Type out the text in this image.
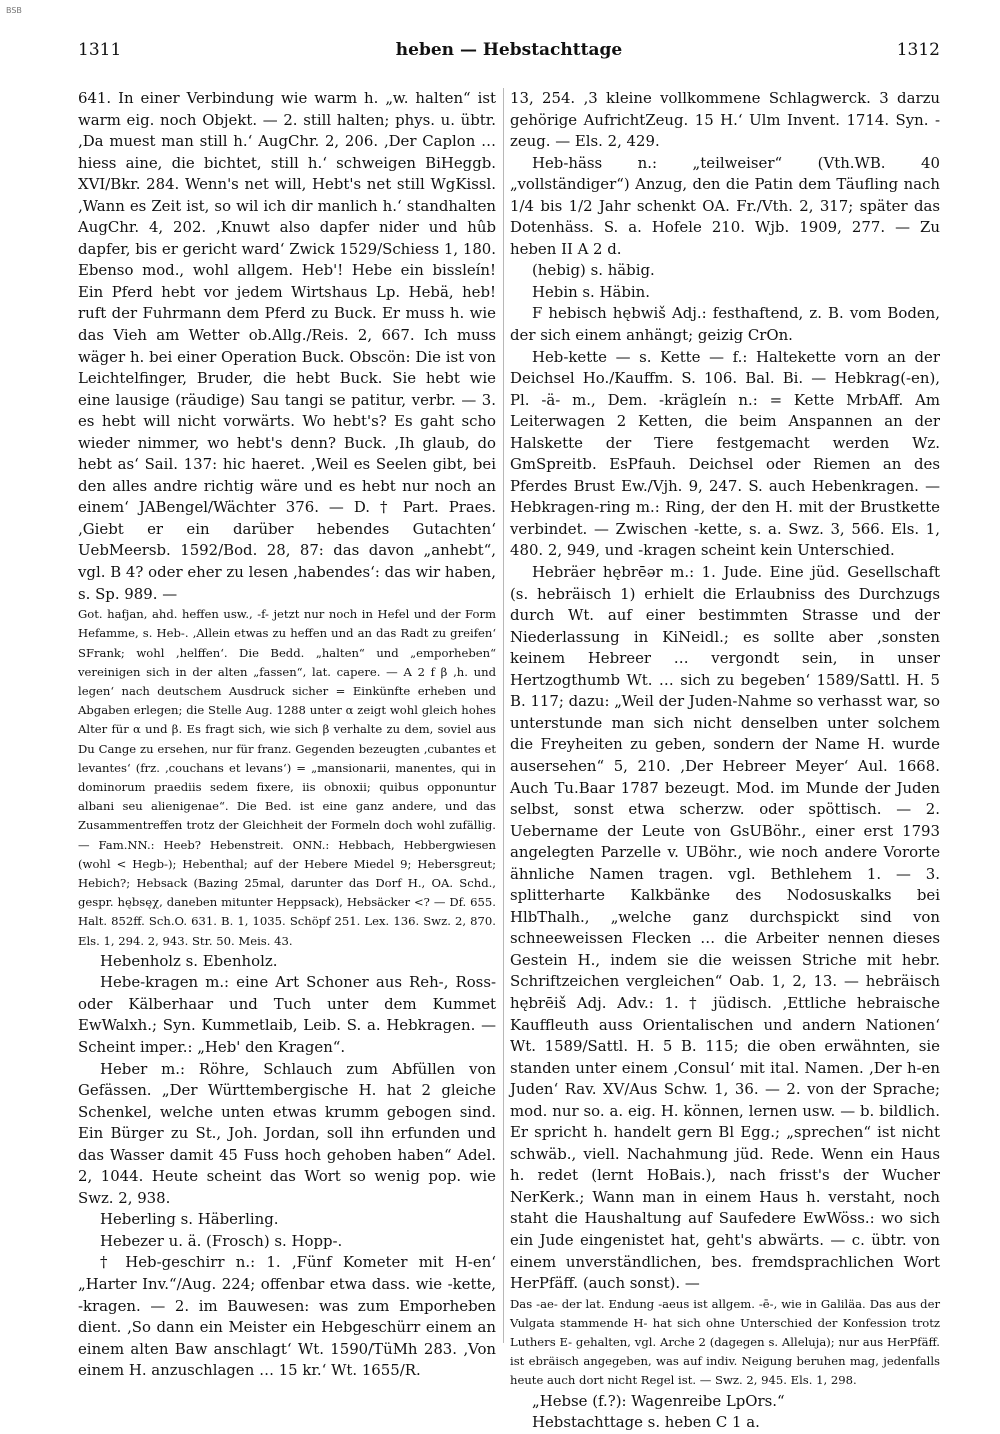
BSB
1311	heben — Hebstachttage	1312

641. In einer Verbindung wie warm h. „w. halten“ ist warm eig. noch Objekt. — 2. still halten; phys. u. übtr. ‚Da muest man still h.‘ AugChr. 2, 206. ‚Der Caplon … hiess aine, die bichtet, still h.‘ schweigen BiHeggb. XVI/Bkr. 284. Wenn's net will, Hebt's net still WgKissl. ‚Wann es Zeit ist, so wil ich dir manlich h.‘ standhalten AugChr. 4, 202. ‚Knuwt also dapfer nider und hûb dapfer, bis er gericht ward‘ Zwick 1529/Schiess 1, 180. Ebenso mod., wohl allgem. Heb'! Hebe ein bissleín! Ein Pferd hebt vor jedem Wirtshaus Lp. Hebä, heb! ruft der Fuhrmann dem Pferd zu Buck. Er muss h. wie das Vieh am Wetter ob.Allg./Reis. 2, 667. Ich muss wäger h. bei einer Operation Buck. Obscön: Die ist von Leichtelfinger, Bruder, die hebt Buck. Sie hebt wie eine lausige (räudige) Sau tangi se patitur, verbr. — 3. es hebt will nicht vorwärts. Wo hebt's? Es gaht scho wieder nimmer, wo hebt's denn? Buck. ‚Ih glaub, do hebt as‘ Sail. 137: hic haeret. ‚Weil es Seelen gibt, bei den alles andre richtig wäre und es hebt nur noch an einem‘ JABengel/Wächter 376. — D. † Part. Praes. ‚Giebt er ein darüber hebendes Gutachten‘ UebMeersb. 1592/Bod. 28, 87: das davon „anhebt“, vgl. B 4? oder eher zu lesen ‚habendes‘: das wir haben, s. Sp. 989. —

Got. hafjan, ahd. heffen usw., -f- jetzt nur noch in Hefel und der Form Hefamme, s. Heb-. ‚Allein etwas zu heffen und an das Radt zu greifen‘ SFrank; wohl ‚helffen‘. Die Bedd. „halten“ und „emporheben“ vereinigen sich in der alten „fassen“, lat. capere. — A 2 f β ‚h. und legen‘ nach deutschem Ausdruck sicher = Einkünfte erheben und Abgaben erlegen; die Stelle Aug. 1288 unter α zeigt wohl gleich hohes Alter für α und β. Es fragt sich, wie sich β verhalte zu dem, soviel aus Du Cange zu ersehen, nur für franz. Gegenden bezeugten ‚cubantes et levantes‘ (frz. ‚couchans et levans‘) = „mansionarii, manentes, qui in dominorum praediis sedem fixere, iis obnoxii; quibus opponuntur albani seu alienigenae“. Die Bed. ist eine ganz andere, und das Zusammentreffen trotz der Gleichheit der Formeln doch wohl zufällig. — Fam.NN.: Heeb? Hebenstreit. ONN.: Hebbach, Hebbergwiesen (wohl < Hegb-); Hebenthal; auf der Hebere Miedel 9; Hebersgreut; Hebich?; Hebsack (Bazing 25mal, darunter das Dorf H., OA. Schd., gespr. hębsęχ, daneben mitunter Heppsack), Hebsäcker <? — Df. 655. Halt. 852ff. Sch.O. 631. B. 1, 1035. Schöpf 251. Lex. 136. Swz. 2, 870. Els. 1, 294. 2, 943. Str. 50. Meis. 43.

Hebenholz s. Ebenholz.

Hebe-kragen m.: eine Art Schoner aus Reh-, Ross- oder Kälberhaar und Tuch unter dem Kummet EwWalxh.; Syn. Kummetlaib, Leib. S. a. Hebkragen. — Scheint imper.: „Heb' den Kragen“.

Heber m.: Röhre, Schlauch zum Abfüllen von Gefässen. „Der Württembergische H. hat 2 gleiche Schenkel, welche unten etwas krumm gebogen sind. Ein Bürger zu St., Joh. Jordan, soll ihn erfunden und das Wasser damit 45 Fuss hoch gehoben haben“ Adel. 2, 1044. Heute scheint das Wort so wenig pop. wie Swz. 2, 938.

Heberling s. Häberling.

Hebezer u. ä. (Frosch) s. Hopp-.

† Heb-geschirr n.: 1. ‚Fünf Kometer mit H-en‘ „Harter Inv.“/Aug. 224; offenbar etwa dass. wie -kette, -kragen. — 2. im Bauwesen: was zum Emporheben dient. ‚So dann ein Meister ein Hebgeschürr einem an einem alten Baw anschlagt‘ Wt. 1590/TüMh 283. ‚Von einem H. anzuschlagen … 15 kr.‘ Wt. 1655/R.

13, 254. ‚3 kleine vollkommene Schlagwerck. 3 darzu gehörige AufrichtZeug. 15 H.‘ Ulm Invent. 1714. Syn. -zeug. — Els. 2, 429.

Heb-häss n.: „teilweiser“ (Vth.WB. 40 „vollständiger“) Anzug, den die Patin dem Täufling nach 1/4 bis 1/2 Jahr schenkt OA. Fr./Vth. 2, 317; später das Dotenhäss. S. a. Hofele 210. Wjb. 1909, 277. — Zu heben II A 2 d.

(hebig) s. häbig.

Hebin s. Häbin.

F hebisch hębwiš Adj.: festhaftend, z. B. vom Boden, der sich einem anhängt; geizig CrOn.

Heb-kette — s. Kette — f.: Haltekette vorn an der Deichsel Ho./Kauffm. S. 106. Bal. Bi. — Hebkrag(-en), Pl. -ä- m., Dem. -krägleín n.: = Kette MrbAff. Am Leiterwagen 2 Ketten, die beim Anspannen an der Halskette der Tiere festgemacht werden Wz. GmSpreitb. EsPfauh. Deichsel oder Riemen an des Pferdes Brust Ew./Vjh. 9, 247. S. auch Hebenkragen. — Hebkragen-ring m.: Ring, der den H. mit der Brustkette verbindet. — Zwischen -kette, s. a. Swz. 3, 566. Els. 1, 480. 2, 949, und -kragen scheint kein Unterschied.

Hebräer hębrēər m.: 1. Jude. Eine jüd. Gesellschaft (s. hebräisch 1) erhielt die Erlaubniss des Durchzugs durch Wt. auf einer bestimmten Strasse und der Niederlassung in KiNeidl.; es sollte aber ‚sonsten keinem Hebreer … vergondt sein, in unser Hertzogthumb Wt. … sich zu begeben‘ 1589/Sattl. H. 5 B. 117; dazu: „Weil der Juden-Nahme so verhasst war, so unterstunde man sich nicht denselben unter solchem die Freyheiten zu geben, sondern der Name H. wurde ausersehen“ 5, 210. ‚Der Hebreer Meyer‘ Aul. 1668. Auch Tu.Baar 1787 bezeugt. Mod. im Munde der Juden selbst, sonst etwa scherzw. oder spöttisch. — 2. Uebername der Leute von GsUBöhr., einer erst 1793 angelegten Parzelle v. UBöhr., wie noch andere Vororte ähnliche Namen tragen. vgl. Bethlehem 1. — 3. splitterharte Kalkbänke des Nodosuskalks bei HlbThalh., „welche ganz durchspickt sind von schneeweissen Flecken … die Arbeiter nennen dieses Gestein H., indem sie die weissen Striche mit hebr. Schriftzeichen vergleichen“ Oab. 1, 2, 13. — hebräisch hębrēiš Adj. Adv.: 1. † jüdisch. ‚Ettliche hebraische Kauffleuth auss Orientalischen und andern Nationen‘ Wt. 1589/Sattl. H. 5 B. 115; die oben erwähnten, sie standen unter einem ‚Consul‘ mit ital. Namen. ‚Der h-en Juden‘ Rav. XV/Aus Schw. 1, 36. — 2. von der Sprache; mod. nur so. a. eig. H. können, lernen usw. — b. bildlich. Er spricht h. handelt gern Bl Egg.; „sprechen“ ist nicht schwäb., viell. Nachahmung jüd. Rede. Wenn ein Haus h. redet (lernt HoBais.), nach frisst's der Wucher NerKerk.; Wann man in einem Haus h. verstaht, noch staht die Haushaltung auf Saufedere EwWöss.: wo sich ein Jude eingenistet hat, geht's abwärts. — c. übtr. von einem unverständlichen, bes. fremdsprachlichen Wort HerPfäff. (auch sonst). —

Das -ae- der lat. Endung -aeus ist allgem. -ē-, wie in Galiläa. Das aus der Vulgata stammende H- hat sich ohne Unterschied der Konfession trotz Luthers E- gehalten, vgl. Arche 2 (dagegen s. Alleluja); nur aus HerPfäff. ist ebräisch angegeben, was auf indiv. Neigung beruhen mag, jedenfalls heute auch dort nicht Regel ist. — Swz. 2, 945. Els. 1, 298.

„Hebse (f.?): Wagenreibe LpOrs.“

Hebstachttage s. heben C 1 a.
